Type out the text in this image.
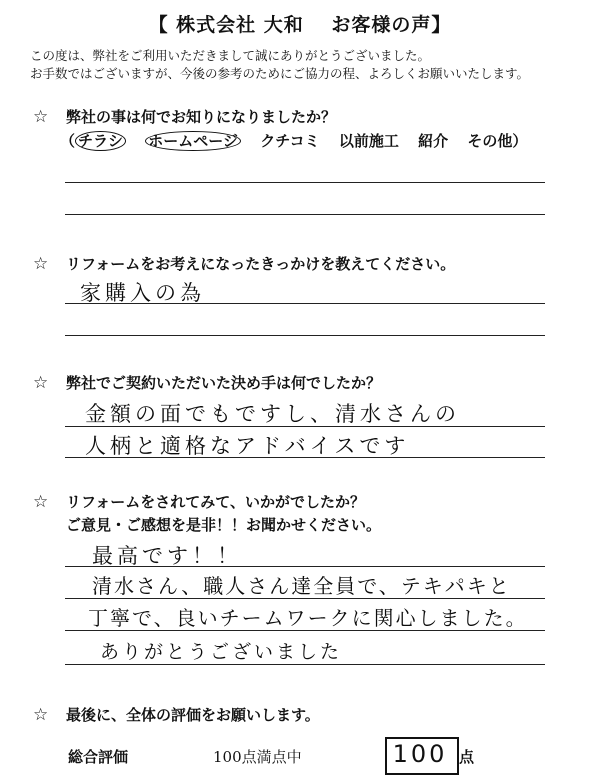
【 株式会社 大和　 お客様の声】
この度は、弊社をご利用いただきまして誠にありがとうございました。
お手数ではございますが、今後の参考のためにご協力の程、よろしくお願いいたします。
☆ 弊社の事は何でお知りになりましたか？
（ チラシ ホームページ クチコミ 以前施工 紹介 その他）
☆ リフォームをお考えになったきっかけを教えてください。
家購入の為
☆ 弊社でご契約いただいた決め手は何でしたか？
金額の面でもですし、清水さんの
人柄と適格なアドバイスです
☆ リフォームをされてみて、いかがでしたか？
ご意見・ご感想を是非！！お聞かせください。
最高です！！
清水さん、職人さん達全員で、テキパキと
丁寧で、良いチームワークに関心しました。
ありがとうございました
☆ 最後に、全体の評価をお願いします。
総合評価	100点満点中	100 点
